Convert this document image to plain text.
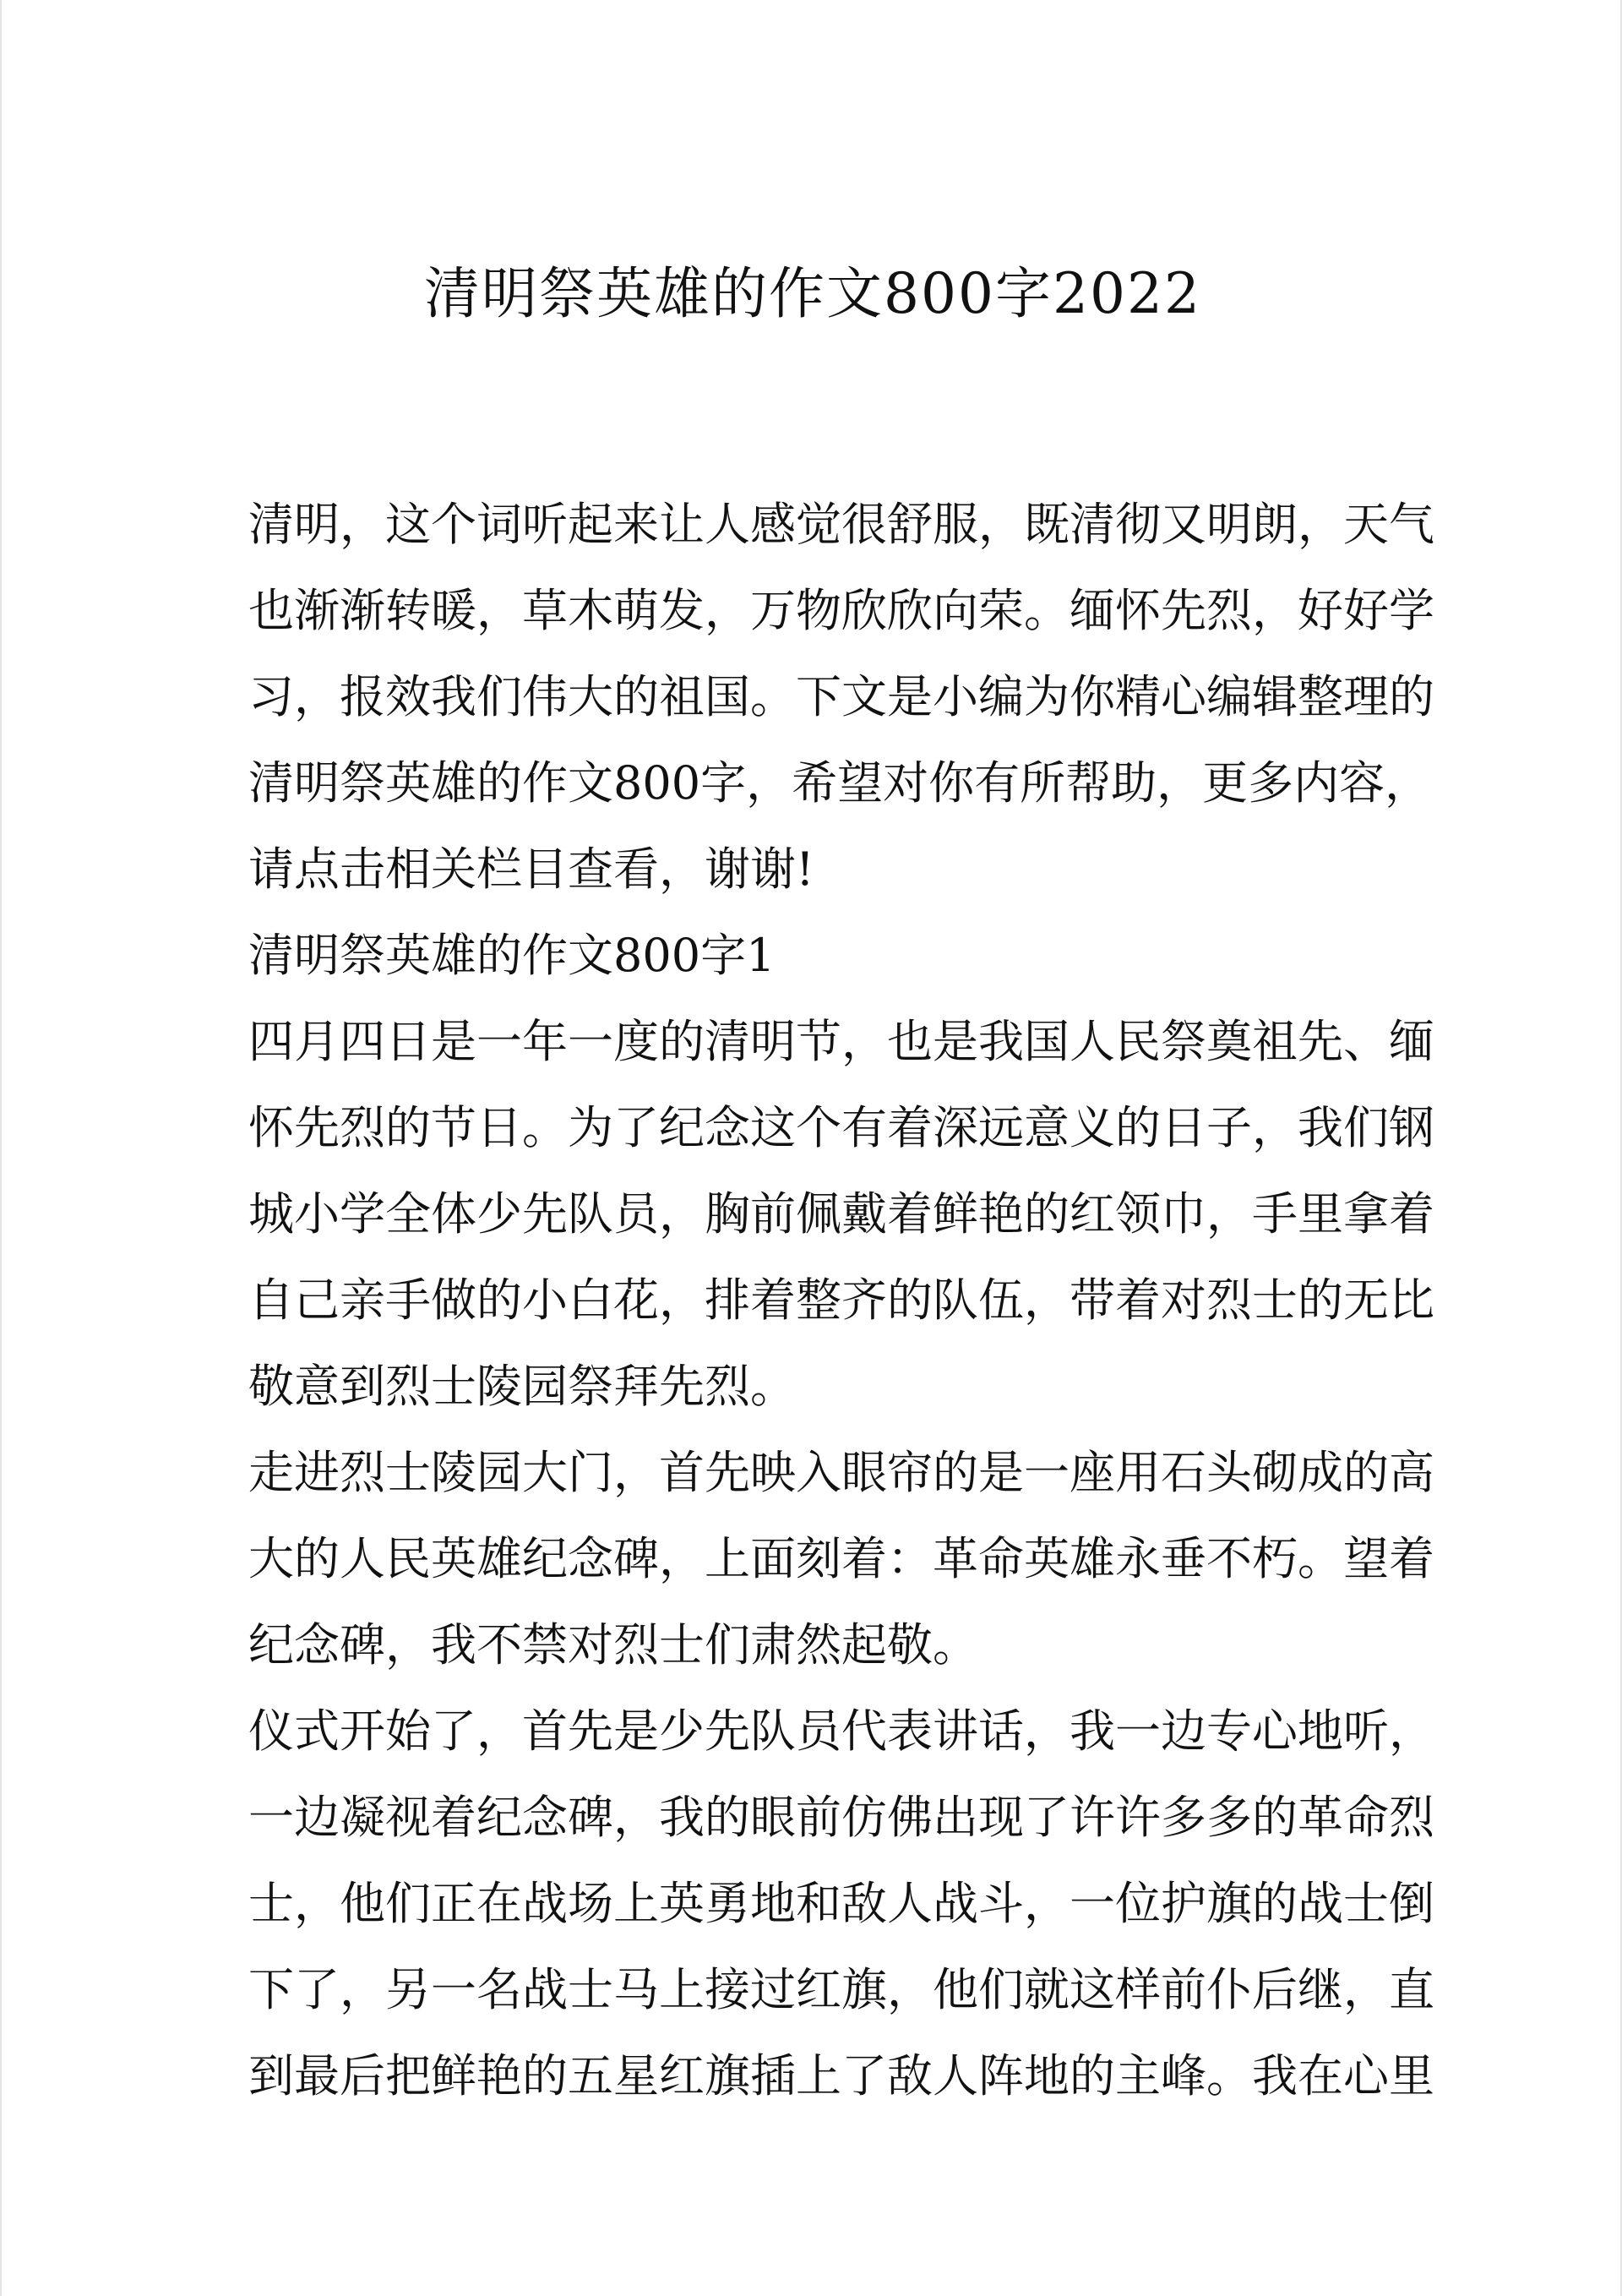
清明祭英雄的作文800字2022

清明，这个词听起来让人感觉很舒服，既清彻又明朗，天气

也渐渐转暖，草木萌发，万物欣欣向荣。缅怀先烈，好好学

习，报效我们伟大的祖国。下文是小编为你精心编辑整理的

清明祭英雄的作文800字，希望对你有所帮助，更多内容，

请点击相关栏目查看，谢谢!

清明祭英雄的作文800字1

四月四日是一年一度的清明节，也是我国人民祭奠祖先、缅

怀先烈的节日。为了纪念这个有着深远意义的日子，我们钢

城小学全体少先队员，胸前佩戴着鲜艳的红领巾，手里拿着

自己亲手做的小白花，排着整齐的队伍，带着对烈士的无比

敬意到烈士陵园祭拜先烈。

走进烈士陵园大门，首先映入眼帘的是一座用石头砌成的高

大的人民英雄纪念碑，上面刻着：革命英雄永垂不朽。望着

纪念碑，我不禁对烈士们肃然起敬。

仪式开始了，首先是少先队员代表讲话，我一边专心地听，

一边凝视着纪念碑，我的眼前仿佛出现了许许多多的革命烈

士，他们正在战场上英勇地和敌人战斗，一位护旗的战士倒

下了，另一名战士马上接过红旗，他们就这样前仆后继，直

到最后把鲜艳的五星红旗插上了敌人阵地的主峰。我在心里
